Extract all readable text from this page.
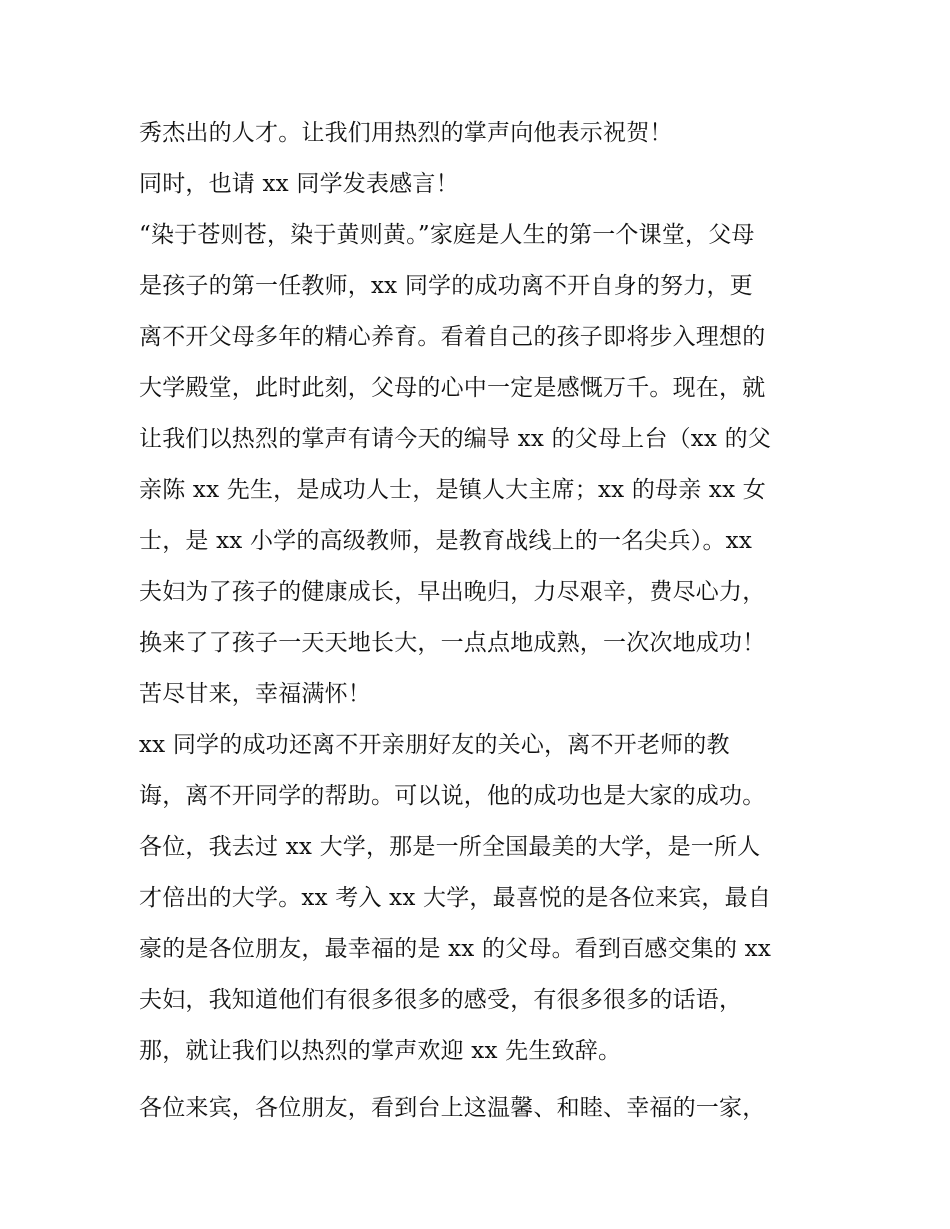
秀杰出的人才。让我们用热烈的掌声向他表示祝贺！
同时，也请 xx 同学发表感言！
“染于苍则苍，染于黄则黄。”家庭是人生的第一个课堂，父母
是孩子的第一任教师，xx 同学的成功离不开自身的努力，更
离不开父母多年的精心养育。看着自己的孩子即将步入理想的
大学殿堂，此时此刻，父母的心中一定是感慨万千。现在，就
让我们以热烈的掌声有请今天的编导 xx 的父母上台（xx 的父
亲陈 xx 先生，是成功人士，是镇人大主席；xx 的母亲 xx 女
士，是 xx 小学的高级教师，是教育战线上的一名尖兵）。xx
夫妇为了孩子的健康成长，早出晚归，力尽艰辛，费尽心力，
换来了了孩子一天天地长大，一点点地成熟，一次次地成功！
苦尽甘来，幸福满怀！
xx 同学的成功还离不开亲朋好友的关心，离不开老师的教
诲，离不开同学的帮助。可以说，他的成功也是大家的成功。
各位，我去过 xx 大学，那是一所全国最美的大学，是一所人
才倍出的大学。xx 考入 xx 大学，最喜悦的是各位来宾，最自
豪的是各位朋友，最幸福的是 xx 的父母。看到百感交集的 xx
夫妇，我知道他们有很多很多的感受，有很多很多的话语，
那，就让我们以热烈的掌声欢迎 xx 先生致辞。
各位来宾，各位朋友，看到台上这温馨、和睦、幸福的一家，
